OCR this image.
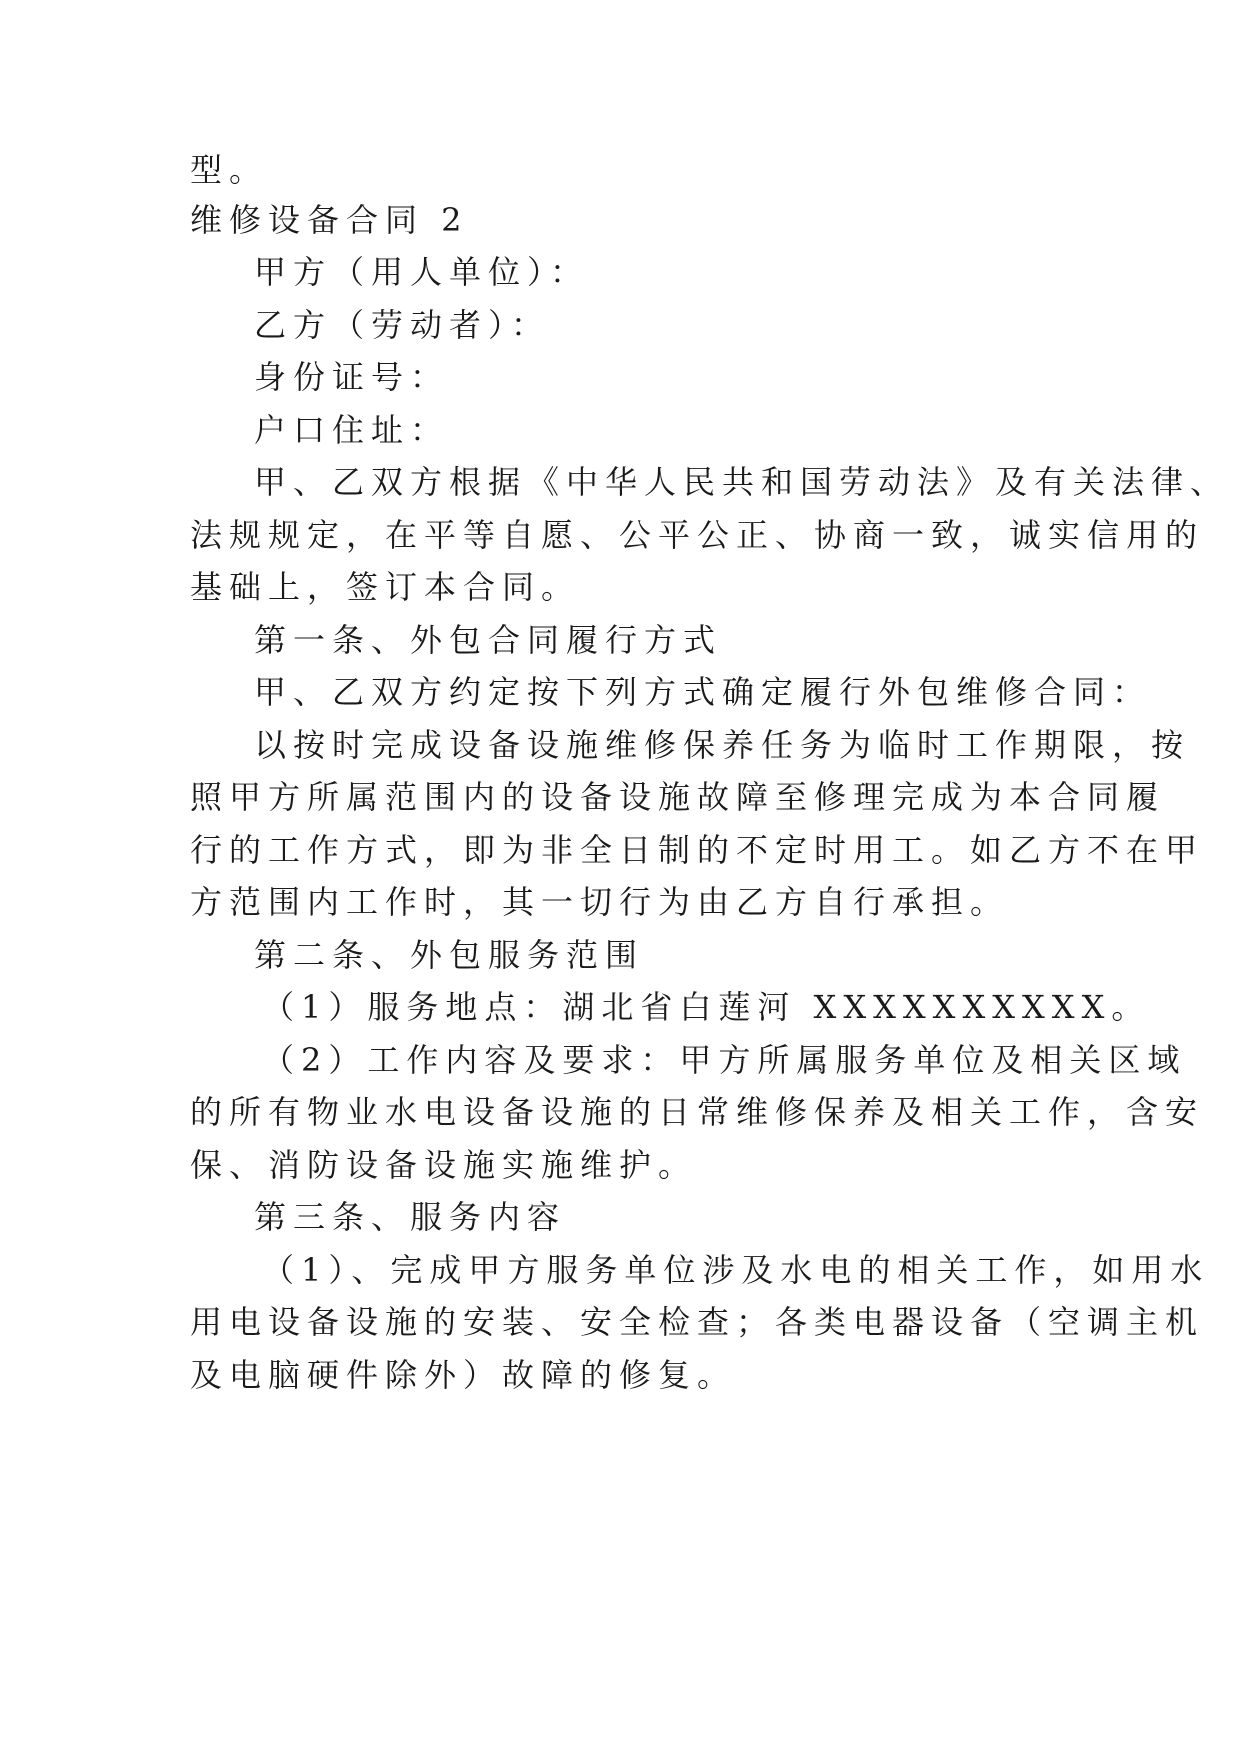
型。
维修设备合同 2
甲方（用人单位）：
乙方（劳动者）：
身份证号：
户口住址：
甲、乙双方根据《中华人民共和国劳动法》及有关法律、
法规规定，在平等自愿、公平公正、协商一致，诚实信用的
基础上，签订本合同。
第一条、外包合同履行方式
甲、乙双方约定按下列方式确定履行外包维修合同：
以按时完成设备设施维修保养任务为临时工作期限，按
照甲方所属范围内的设备设施故障至修理完成为本合同履
行的工作方式，即为非全日制的不定时用工。如乙方不在甲
方范围内工作时，其一切行为由乙方自行承担。
第二条、外包服务范围
（1）服务地点：湖北省白莲河 XXXXXXXXXX。
（2）工作内容及要求：甲方所属服务单位及相关区域
的所有物业水电设备设施的日常维修保养及相关工作，含安
保、消防设备设施实施维护。
第三条、服务内容
（1）、完成甲方服务单位涉及水电的相关工作，如用水
用电设备设施的安装、安全检查；各类电器设备（空调主机
及电脑硬件除外）故障的修复。
